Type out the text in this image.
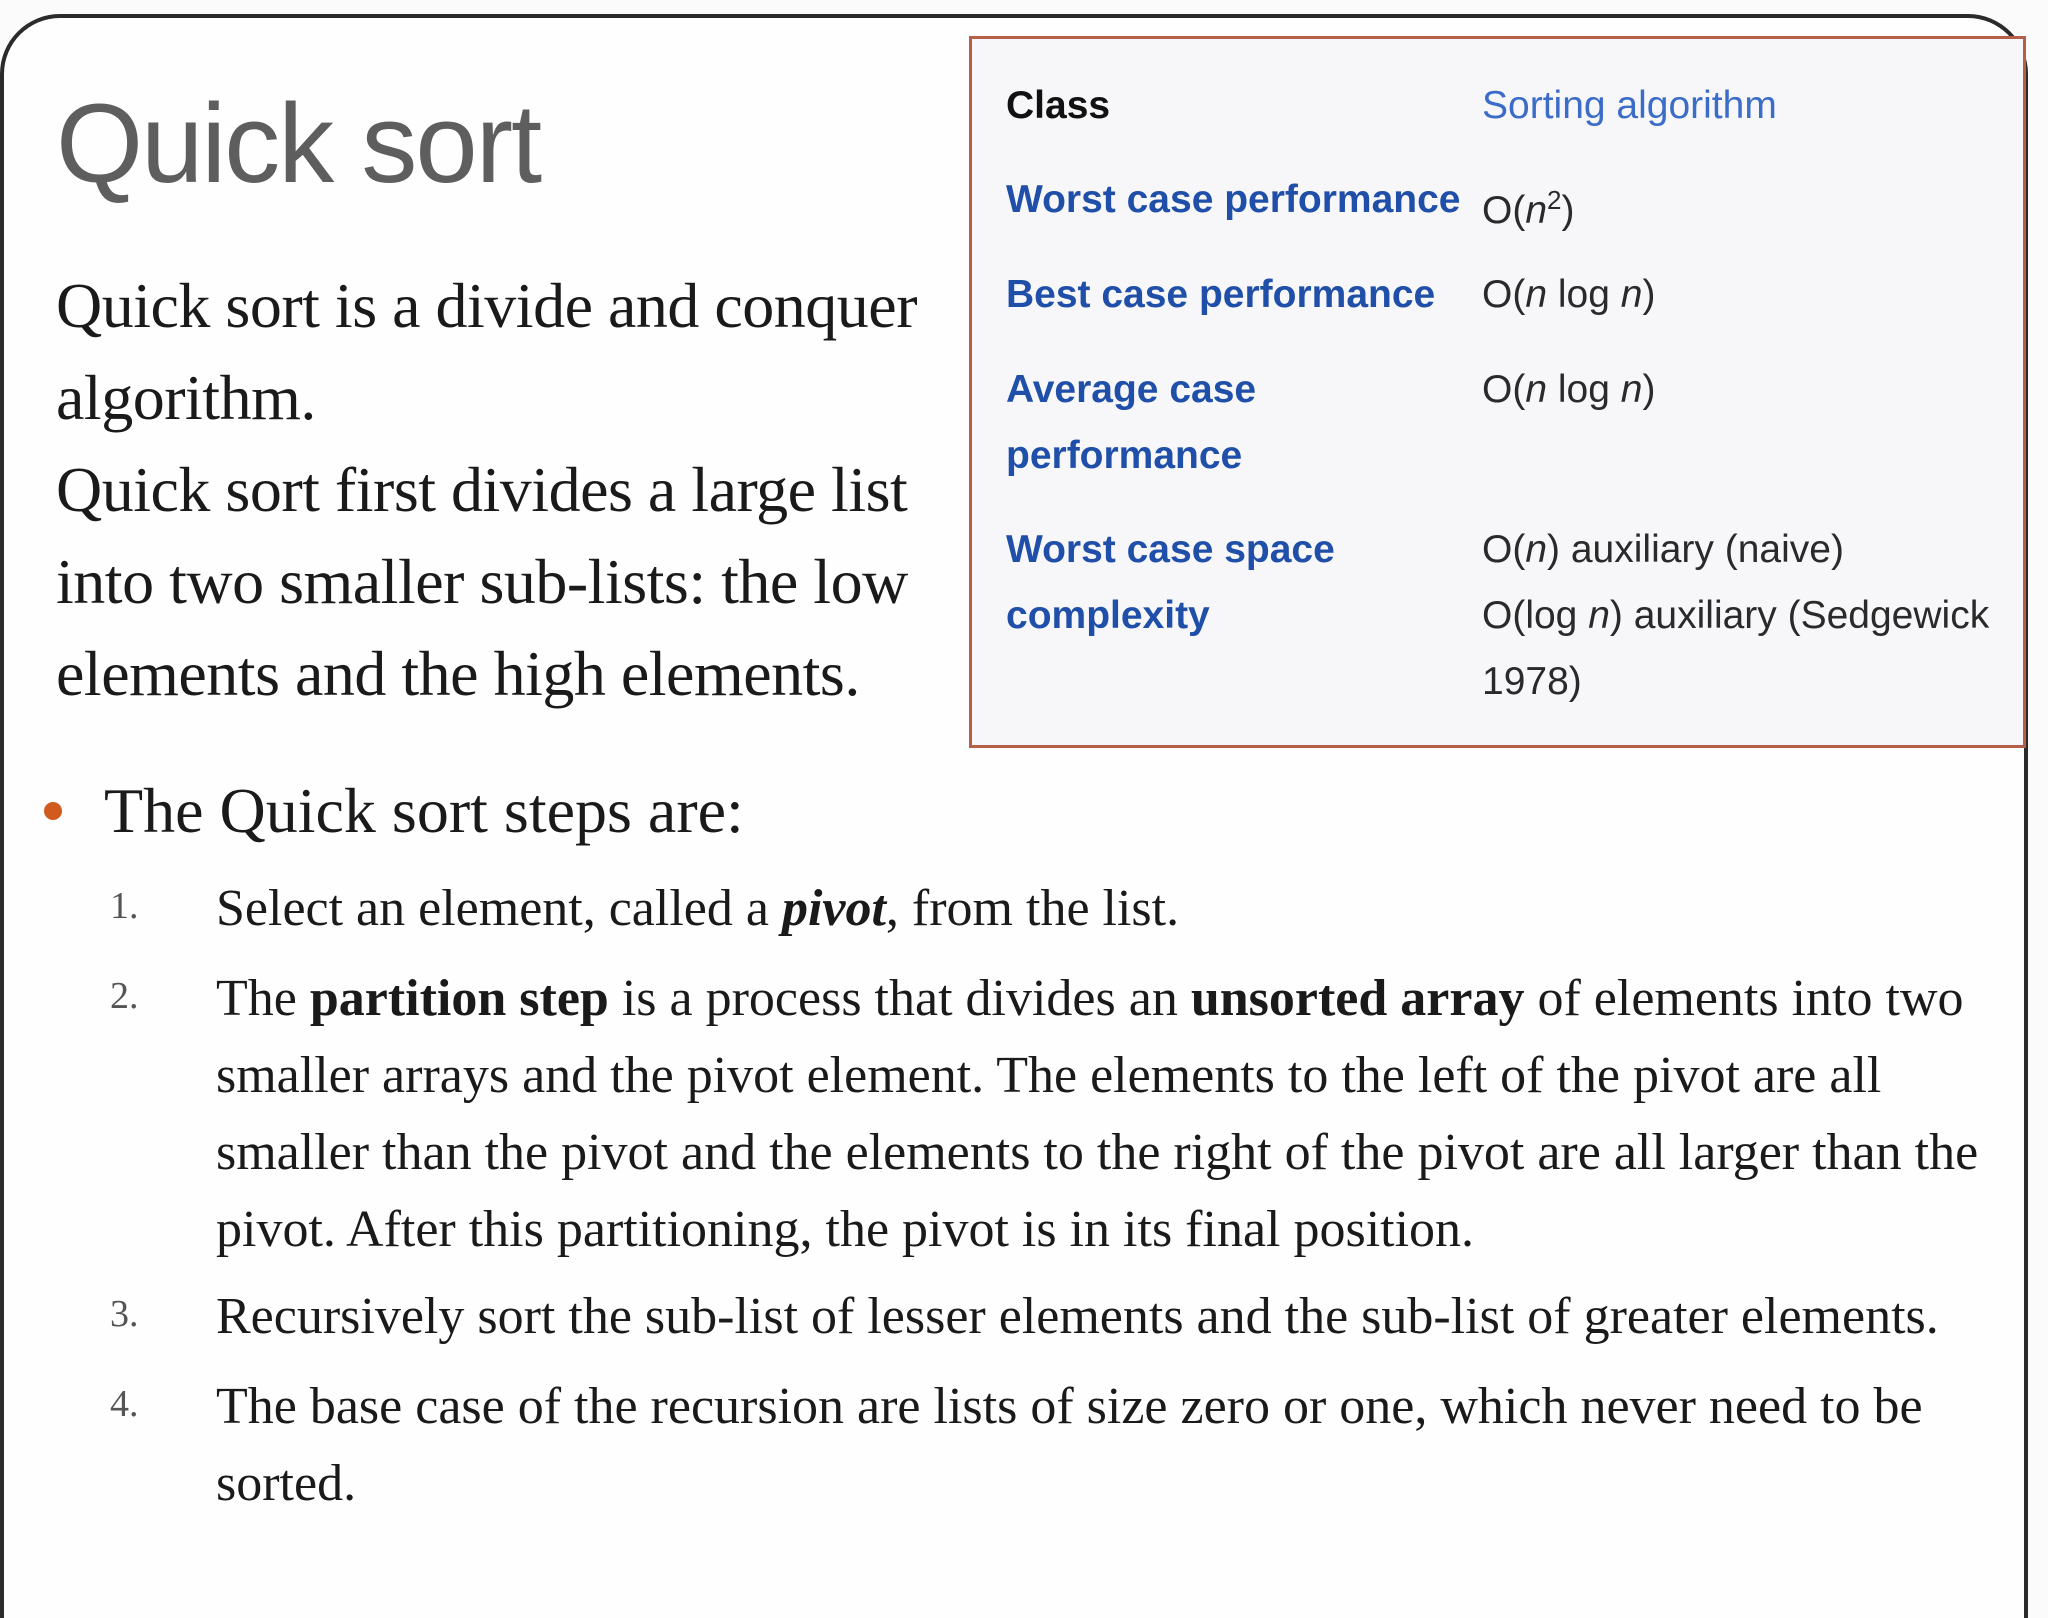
Quick sort

Quick sort is a divide and conquer algorithm.

Quick sort first divides a large list into two smaller sub-lists: the low elements and the high elements.

Class	Sorting algorithm
Worst case performance $O(n^2)$
Best case performance	O(n log n)
Average case performance
O(n log n)
Worst case space complexity
O(n) auxiliary (naive)
O(log n) auxiliary (Sedgewick 1978)
The Quick sort steps are:
1. Select an element, called a pivot, from the list.
2. The partition step is a process that divides an unsorted array of elements into two smaller arrays and the pivot element. The elements to the left of the pivot are all smaller than the pivot and the elements to the right of the pivot are all larger than the pivot. After this partitioning, the pivot is in its final position.
3. Recursively sort the sub-list of lesser elements and the sub-list of greater elements.
4. The base case of the recursion are lists of size zero or one, which never need to be sorted.
